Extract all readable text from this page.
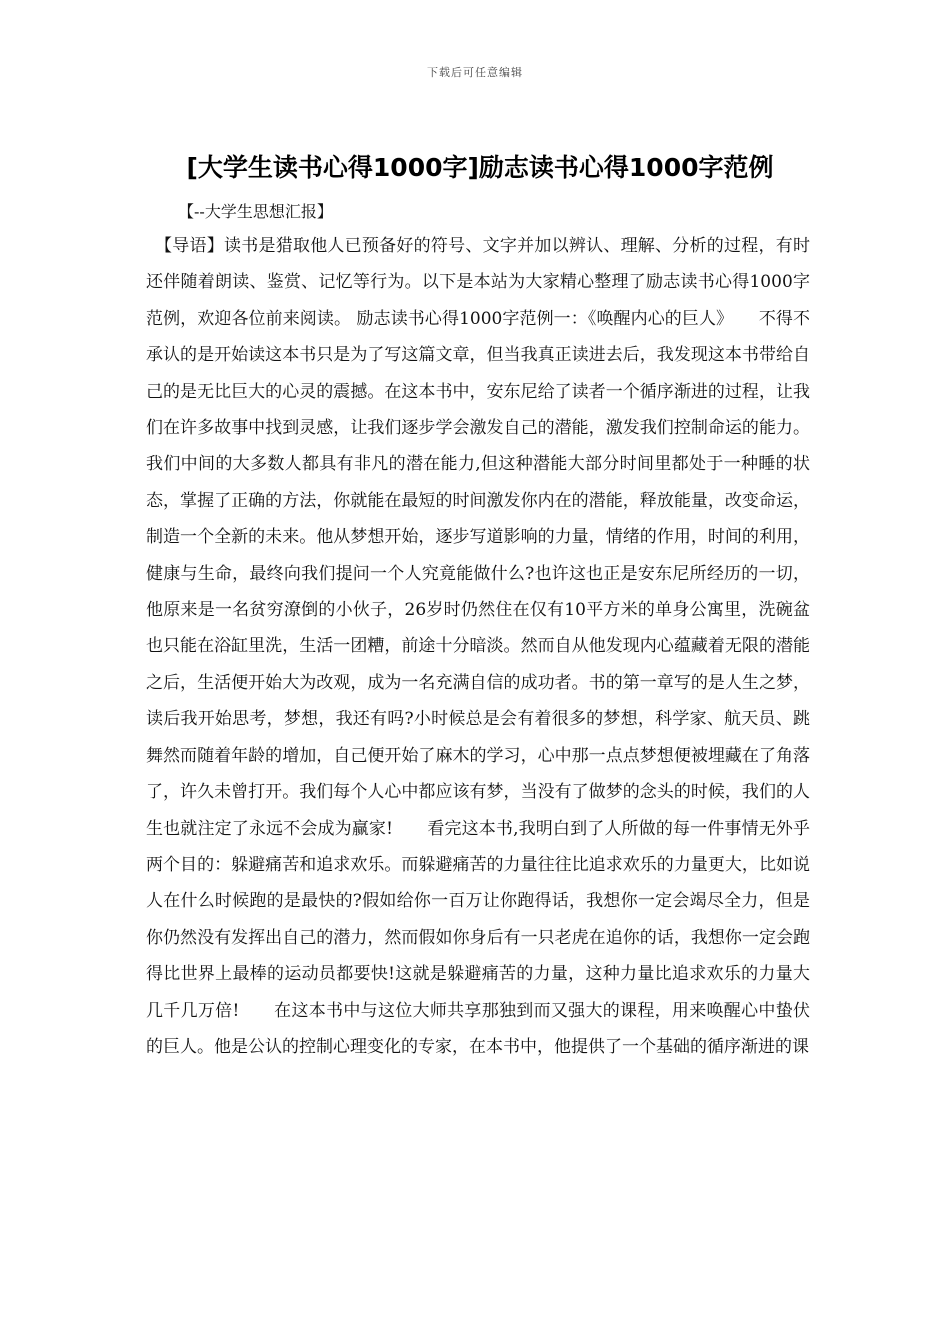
下载后可任意编辑
[大学生读书心得1000字]励志读书心得1000字范例
【--大学生思想汇报】
【导语】读书是猎取他人已预备好的符号、文字并加以辨认、理解、分析的过程，有时还伴随着朗读、鉴赏、记忆等行为。以下是本站为大家精心整理了励志读书心得1000字范例，欢迎各位前来阅读。 励志读书心得1000字范例一：《唤醒内心的巨人》　　不得不承认的是开始读这本书只是为了写这篇文章，但当我真正读进去后，我发现这本书带给自己的是无比巨大的心灵的震撼。在这本书中，安东尼给了读者一个循序渐进的过程，让我们在许多故事中找到灵感，让我们逐步学会激发自己的潜能，激发我们控制命运的能力。我们中间的大多数人都具有非凡的潜在能力,但这种潜能大部分时间里都处于一种睡的状态，掌握了正确的方法，你就能在最短的时间激发你内在的潜能，释放能量，改变命运，制造一个全新的未来。他从梦想开始，逐步写道影响的力量，情绪的作用，时间的利用，健康与生命，最终向我们提问一个人究竟能做什么?也许这也正是安东尼所经历的一切，他原来是一名贫穷潦倒的小伙子，26岁时仍然住在仅有10平方米的单身公寓里，洗碗盆也只能在浴缸里洗，生活一团糟，前途十分暗淡。然而自从他发现内心蕴藏着无限的潜能之后，生活便开始大为改观，成为一名充满自信的成功者。书的第一章写的是人生之梦，读后我开始思考，梦想，我还有吗?小时候总是会有着很多的梦想，科学家、航天员、跳舞然而随着年龄的增加，自己便开始了麻木的学习，心中那一点点梦想便被埋藏在了角落了，许久未曾打开。我们每个人心中都应该有梦，当没有了做梦的念头的时候，我们的人生也就注定了永远不会成为赢家!　　看完这本书,我明白到了人所做的每一件事情无外乎两个目的：躲避痛苦和追求欢乐。而躲避痛苦的力量往往比追求欢乐的力量更大，比如说人在什么时候跑的是最快的?假如给你一百万让你跑得话，我想你一定会竭尽全力，但是你仍然没有发挥出自己的潜力，然而假如你身后有一只老虎在追你的话，我想你一定会跑得比世界上最棒的运动员都要快!这就是躲避痛苦的力量，这种力量比追求欢乐的力量大几千几万倍!　　在这本书中与这位大师共享那独到而又强大的课程，用来唤醒心中蛰伏的巨人。他是公认的控制心理变化的专家，在本书中，他提供了一个基础的循序渐进的课
